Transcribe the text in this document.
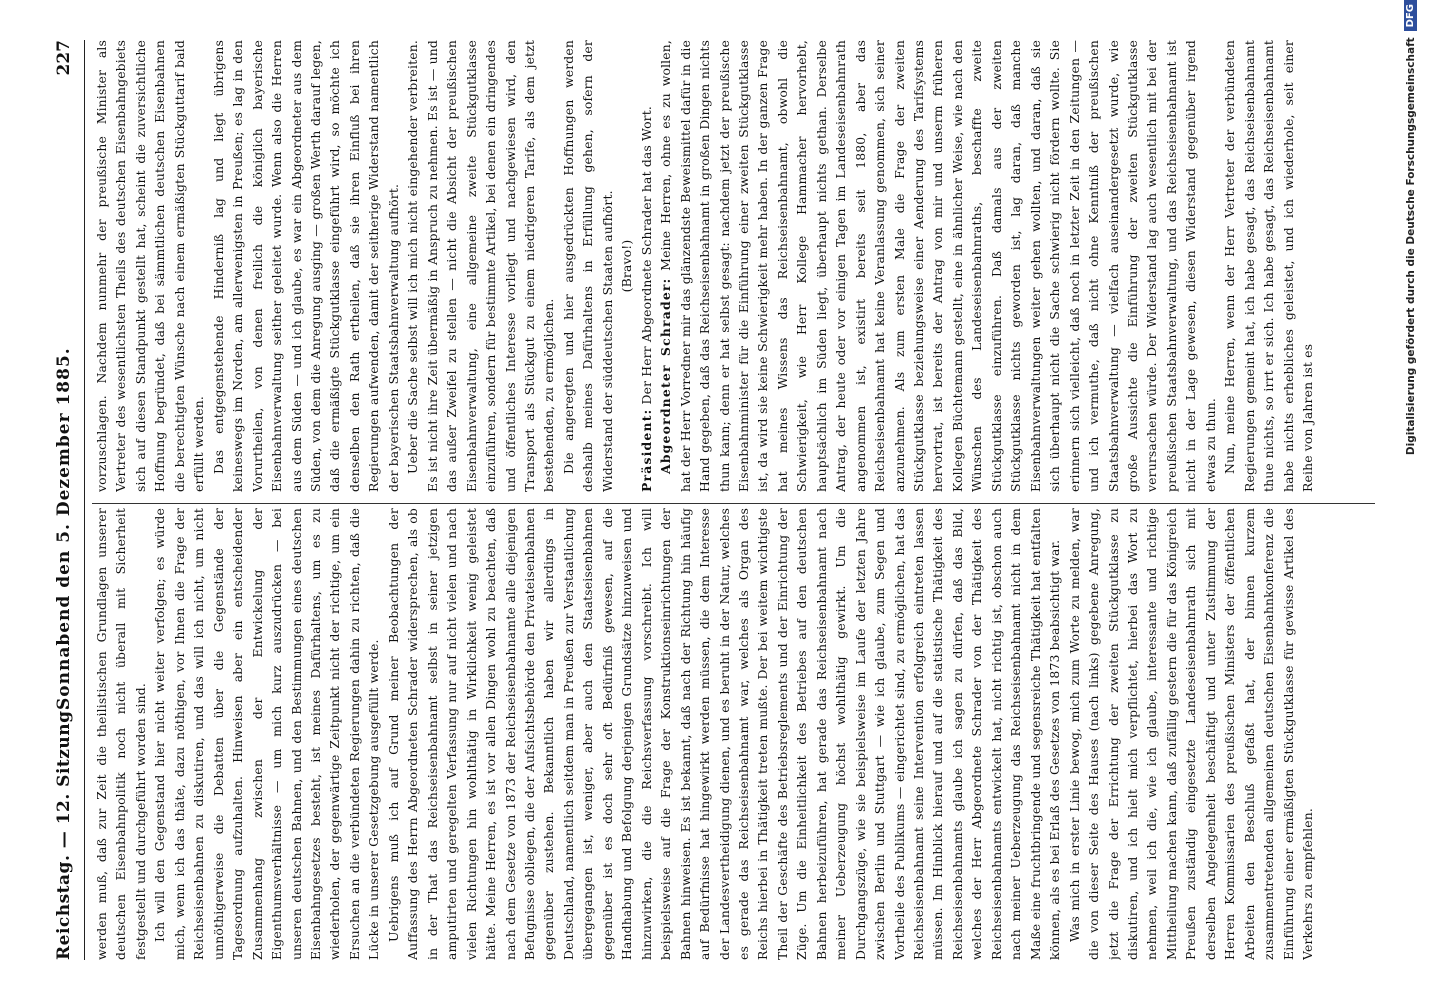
Reichstag. — 12. Sitzung.
Sonnabend den 5. Dezember 1885.
227

werden muß, daß zur Zeit die theilistischen Grundlagen unserer deutschen Eisenbahnpolitik noch nicht überall mit Sicherheit festgestellt und durchgeführt worden sind. Ich will den Gegenstand hier nicht weiter verfolgen; es würde mich, wenn ich das thäte, dazu nöthigen, vor Ihnen die Frage der Reichseisenbahnen zu diskutiren, und das will ich nicht, um nicht unnöthigerweise die Debatten über die Gegenstände der Tagesordnung aufzuhalten. Hinweisen aber ein entscheidender Zusammenhang zwischen der Entwickelung der Eigenthumsverhältnisse — um mich kurz auszudrücken — bei unseren deutschen Bahnen, und den Bestimmungen eines deutschen Eisenbahngesetzes besteht, ist meines Dafürhaltens, um es zu wiederholen, der gegenwärtige Zeitpunkt nicht der richtige, um ein Ersuchen an die verbündeten Regierungen dahin zu richten, daß die Lücke in unserer Gesetzgebung ausgefüllt werde. Uebrigens muß ich auf Grund meiner Beobachtungen der Auffassung des Herrn Abgeordneten Schrader widersprechen, als ob in der That das Reichseisenbahnamt selbst in seiner jetzigen amputirten und geregelten Verfassung nur auf nicht vielen und nach vielen Richtungen hin wohlthätig in Wirklichkeit wenig geleistet hätte. Meine Herren, es ist vor allen Dingen wohl zu beachten, daß nach dem Gesetze von 1873 der Reichseisenbahnamte alle diejenigen Befugnisse obliegen, die der Aufsichtsbehörde den Privateisenbahnen gegenüber zustehen. Bekanntlich haben wir allerdings in Deutschland, namentlich seitdem man in Preußen zur Verstaatlichung übergegangen ist, weniger, aber auch den Staatseisenbahnen gegenüber ist es doch sehr oft Bedürfniß gewesen, auf die Handhabung und Befolgung derjenigen Grundsätze hinzuweisen und hinzuwirken, die die Reichsverfassung vorschreibt. Ich will beispielsweise auf die Frage der Konstruktionseinrichtungen der Bahnen hinweisen. Es ist bekannt, daß nach der Richtung hin häufig auf Bedürfnisse hat hingewirkt werden müssen, die dem Interesse der Landesvertheidigung dienen, und es beruht in der Natur, welches es gerade das Reichseisenbahnamt war, welches als Organ des Reichs hierbei in Thätigkeit treten mußte. Der bei weitem wichtigste Theil der Geschäfte des Betriebsreglements und der Einrichtung der Züge. Um die Einheitlichkeit des Betriebes auf den deutschen Bahnen herbeizuführen, hat gerade das Reichseisenbahnamt nach meiner Ueberzeugung höchst wohlthätig gewirkt. Um die Durchgangszüge, wie sie beispielsweise im Laufe der letzten Jahre zwischen Berlin und Stuttgart — wie ich glaube, zum Segen und Vortheile des Publikums — eingerichtet sind, zu ermöglichen, hat das Reichseisenbahnamt seine Intervention erfolgreich eintreten lassen müssen. Im Hinblick hierauf und auf die statistische Thätigkeit des Reichseisenbahnamts glaube ich sagen zu dürfen, daß das Bild, welches der Herr Abgeordnete Schrader von der Thätigkeit des Reichseisenbahnamts entwickelt hat, nicht richtig ist, obschon auch nach meiner Ueberzeugung das Reichseisenbahnamt nicht in dem Maße eine fruchtbringende und segensreiche Thätigkeit hat entfalten können, als es bei Erlaß des Gesetzes von 1873 beabsichtigt war. Was mich in erster Linie bewog, mich zum Worte zu melden, war die von dieser Seite des Hauses (nach links) gegebene Anregung, jetzt die Frage der Errichtung der zweiten Stückgutklasse zu diskutiren, und ich hielt mich verpflichtet, hierbei das Wort zu nehmen, weil ich die, wie ich glaube, interessante und richtige Mittheilung machen kann, daß zufällig gestern die für das Königreich Preußen zuständig eingesetzte Landeseisenbahnrath sich mit derselben Angelegenheit beschäftigt und unter Zustimmung der Herren Kommissarien des preußischen Ministers der öffentlichen Arbeiten den Beschluß gefaßt hat, der binnen kurzem zusammentretenden allgemeinen deutschen Eisenbahnkonferenz die Einführung einer ermäßigten Stückgutklasse für gewisse Artikel des Verkehrs zu empfehlen.

vorzuschlagen. Nachdem nunmehr der preußische Minister als Vertreter des wesentlichsten Theils des deutschen Eisenbahngebiets sich auf diesen Standpunkt gestellt hat, scheint die zuversichtliche Hoffnung begründet, daß bei sämmtlichen deutschen Eisenbahnen die berechtigten Wünsche nach einem ermäßigten Stückguttarif bald erfüllt werden. Das entgegenstehende Hinderniß lag und liegt übrigens keineswegs im Norden, am allerwenigsten in Preußen; es lag in den Vorurtheilen, von denen freilich die königlich bayerische Eisenbahnverwaltung seither geleitet wurde. Wenn also die Herren aus dem Süden — und ich glaube, es war ein Abgeordneter aus dem Süden, von dem die Anregung ausging — großen Werth darauf legen, daß die ermäßigte Stückgutklasse eingeführt wird, so möchte ich denselben den Rath ertheilen, daß sie ihren Einfluß bei ihren Regierungen aufwenden, damit der seitherige Widerstand namentlich der bayerischen Staatsbahnverwaltung aufhört. Ueber die Sache selbst will ich mich nicht eingehender verbreiten. Es ist nicht ihre Zeit übermäßig in Anspruch zu nehmen. Es ist — und das außer Zweifel zu stellen — nicht die Absicht der preußischen Eisenbahnverwaltung, eine allgemeine zweite Stückgutklasse einzuführen, sondern für bestimmte Artikel, bei denen ein dringendes und öffentliches Interesse vorliegt und nachgewiesen wird, den Transport als Stückgut zu einem niedrigeren Tarife, als dem jetzt bestehenden, zu ermöglichen. Die angeregten und hier ausgedrückten Hoffnungen werden deshalb meines Dafürhaltens in Erfüllung gehen, sofern der Widerstand der süddeutschen Staaten aufhört. (Bravo!)

Präsident: Der Herr Abgeordnete Schrader hat das Wort. Abgeordneter Schrader: Meine Herren, ohne es zu wollen, hat der Herr Vorredner mir das glänzendste Beweismittel dafür in die Hand gegeben, daß das Reichseisenbahnamt in großen Dingen nichts thun kann; denn er hat selbst gesagt: nachdem jetzt der preußische Eisenbahnminister für die Einführung einer zweiten Stückgutklasse ist, da wird sie keine Schwierigkeit mehr haben. In der ganzen Frage hat meines Wissens das Reichseisenbahnamt, obwohl die Schwierigkeit, wie Herr Kollege Hammacher hervorhebt, hauptsächlich im Süden liegt, überhaupt nichts gethan. Derselbe Antrag, der heute oder vor einigen Tagen im Landeseisenbahnrath angenommen ist, existirt bereits seit 1880, aber das Reichseisenbahnamt hat keine Veranlassung genommen, sich seiner anzunehmen. Als zum ersten Male die Frage der zweiten Stückgutklasse beziehungsweise einer Aenderung des Tarifsystems hervortrat, ist bereits der Antrag von mir und unserm früheren Kollegen Büchtemann gestellt, eine in ähnlicher Weise, wie nach den Wünschen des Landeseisenbahnraths, beschaffte zweite Stückgutklasse einzuführen. Daß damals aus der zweiten Stückgutklasse nichts geworden ist, lag daran, daß manche Eisenbahnverwaltungen weiter gehen wollten, und daran, daß sie sich überhaupt nicht die Sache schwierig nicht fördern wollte. Sie erinnern sich vielleicht, daß noch in letzter Zeit in den Zeitungen — und ich vermuthe, daß nicht ohne Kenntniß der preußischen Staatsbahnverwaltung — vielfach auseinandergesetzt wurde, wie große Aussichte die Einführung der zweiten Stückgutklasse verursachen würde. Der Widerstand lag auch wesentlich mit bei der preußischen Staatsbahnverwaltung, und das Reichseisenbahnamt ist nicht in der Lage gewesen, diesen Widerstand gegenüber irgend etwas zu thun. Nun, meine Herren, wenn der Herr Vertreter der verbündeten Regierungen gemeint hat, ich habe gesagt, das Reichseisenbahnamt thue nichts, so irrt er sich. Ich habe gesagt, das Reichseisenbahnamt habe nichts erhebliches geleistet, und ich wiederhole, seit einer Reihe von Jahren ist es	Digitalisierung gefördert durch die Deutsche ForschungsgemeinschaftDFG
